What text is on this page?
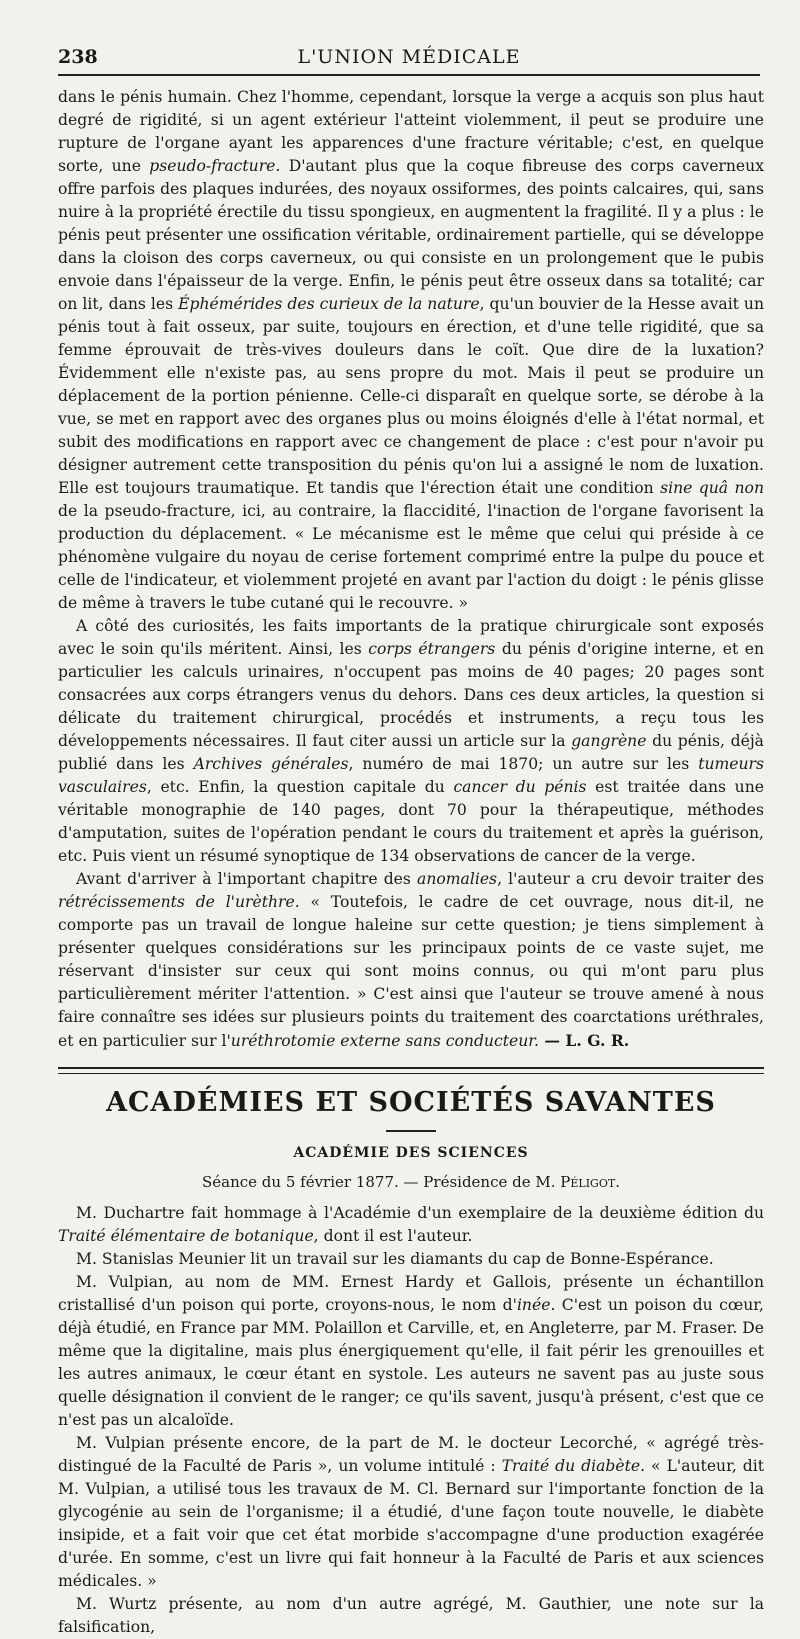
238	L'UNION MÉDICALE

dans le pénis humain. Chez l'homme, cependant, lorsque la verge a acquis son plus haut degré de rigidité, si un agent extérieur l'atteint violemment, il peut se produire une rupture de l'organe ayant les apparences d'une fracture véritable; c'est, en quelque sorte, une pseudo-fracture. D'autant plus que la coque fibreuse des corps caverneux offre parfois des plaques indurées, des noyaux ossiformes, des points calcaires, qui, sans nuire à la propriété érectile du tissu spongieux, en augmentent la fragilité. Il y a plus : le pénis peut présenter une ossification véritable, ordinairement partielle, qui se développe dans la cloison des corps caverneux, ou qui consiste en un prolongement que le pubis envoie dans l'épaisseur de la verge. Enfin, le pénis peut être osseux dans sa totalité; car on lit, dans les Éphémérides des curieux de la nature, qu'un bouvier de la Hesse avait un pénis tout à fait osseux, par suite, toujours en érection, et d'une telle rigidité, que sa femme éprouvait de très-vives douleurs dans le coït. Que dire de la luxation? Évidemment elle n'existe pas, au sens propre du mot. Mais il peut se produire un déplacement de la portion pénienne. Celle-ci disparaît en quelque sorte, se dérobe à la vue, se met en rapport avec des organes plus ou moins éloignés d'elle à l'état normal, et subit des modifications en rapport avec ce changement de place : c'est pour n'avoir pu désigner autrement cette transposition du pénis qu'on lui a assigné le nom de luxation. Elle est toujours traumatique. Et tandis que l'érection était une condition sine quâ non de la pseudo-fracture, ici, au contraire, la flaccidité, l'inaction de l'organe favorisent la production du déplacement. « Le mécanisme est le même que celui qui préside à ce phénomène vulgaire du noyau de cerise fortement comprimé entre la pulpe du pouce et celle de l'indicateur, et violemment projeté en avant par l'action du doigt : le pénis glisse de même à travers le tube cutané qui le recouvre. »

A côté des curiosités, les faits importants de la pratique chirurgicale sont exposés avec le soin qu'ils méritent. Ainsi, les corps étrangers du pénis d'origine interne, et en particulier les calculs urinaires, n'occupent pas moins de 40 pages; 20 pages sont consacrées aux corps étrangers venus du dehors. Dans ces deux articles, la question si délicate du traitement chirurgical, procédés et instruments, a reçu tous les développements nécessaires. Il faut citer aussi un article sur la gangrène du pénis, déjà publié dans les Archives générales, numéro de mai 1870; un autre sur les tumeurs vasculaires, etc. Enfin, la question capitale du cancer du pénis est traitée dans une véritable monographie de 140 pages, dont 70 pour la thérapeutique, méthodes d'amputation, suites de l'opération pendant le cours du traitement et après la guérison, etc. Puis vient un résumé synoptique de 134 observations de cancer de la verge.

Avant d'arriver à l'important chapitre des anomalies, l'auteur a cru devoir traiter des rétrécissements de l'urèthre. « Toutefois, le cadre de cet ouvrage, nous dit-il, ne comporte pas un travail de longue haleine sur cette question; je tiens simplement à présenter quelques considérations sur les principaux points de ce vaste sujet, me réservant d'insister sur ceux qui sont moins connus, ou qui m'ont paru plus particulièrement mériter l'attention. » C'est ainsi que l'auteur se trouve amené à nous faire connaître ses idées sur plusieurs points du traitement des coarctations uréthrales, et en particulier sur l'uréthrotomie externe sans conducteur. — L. G. R.

ACADÉMIES ET SOCIÉTÉS SAVANTES
ACADÉMIE DES SCIENCES
Séance du 5 février 1877. — Présidence de M. Péligot.

M. Duchartre fait hommage à l'Académie d'un exemplaire de la deuxième édition du Traité élémentaire de botanique, dont il est l'auteur.

M. Stanislas Meunier lit un travail sur les diamants du cap de Bonne-Espérance.

M. Vulpian, au nom de MM. Ernest Hardy et Gallois, présente un échantillon cristallisé d'un poison qui porte, croyons-nous, le nom d'inée. C'est un poison du cœur, déjà étudié, en France par MM. Polaillon et Carville, et, en Angleterre, par M. Fraser. De même que la digitaline, mais plus énergiquement qu'elle, il fait périr les grenouilles et les autres animaux, le cœur étant en systole. Les auteurs ne savent pas au juste sous quelle désignation il convient de le ranger; ce qu'ils savent, jusqu'à présent, c'est que ce n'est pas un alcaloïde.

M. Vulpian présente encore, de la part de M. le docteur Lecorché, « agrégé très-distingué de la Faculté de Paris », un volume intitulé : Traité du diabète. « L'auteur, dit M. Vulpian, a utilisé tous les travaux de M. Cl. Bernard sur l'importante fonction de la glycogénie au sein de l'organisme; il a étudié, d'une façon toute nouvelle, le diabète insipide, et a fait voir que cet état morbide s'accompagne d'une production exagérée d'urée. En somme, c'est un livre qui fait honneur à la Faculté de Paris et aux sciences médicales. »

M. Wurtz présente, au nom d'un autre agrégé, M. Gauthier, une note sur la falsification,
